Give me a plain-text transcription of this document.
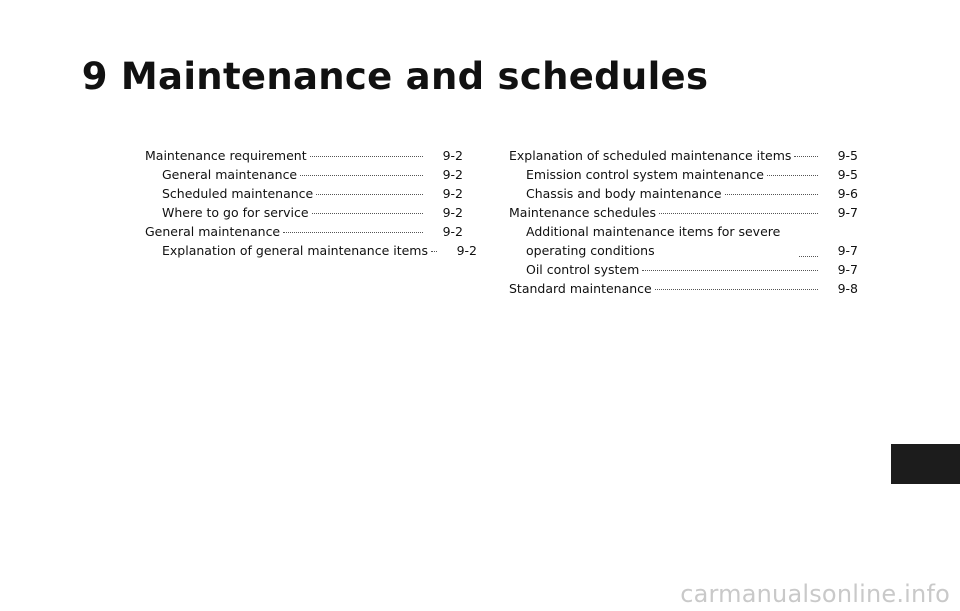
9 Maintenance and schedules
Maintenance requirement	9-2
General maintenance	9-2
Scheduled maintenance	9-2
Where to go for service	9-2
General maintenance	9-2
Explanation of general maintenance items	9-2
Explanation of scheduled maintenance items	9-5
Emission control system maintenance	9-5
Chassis and body maintenance	9-6
Maintenance schedules	9-7
Additional maintenance items for severe operating conditions	9-7
Oil control system	9-7
Standard maintenance	9-8
carmanualsonline.info
